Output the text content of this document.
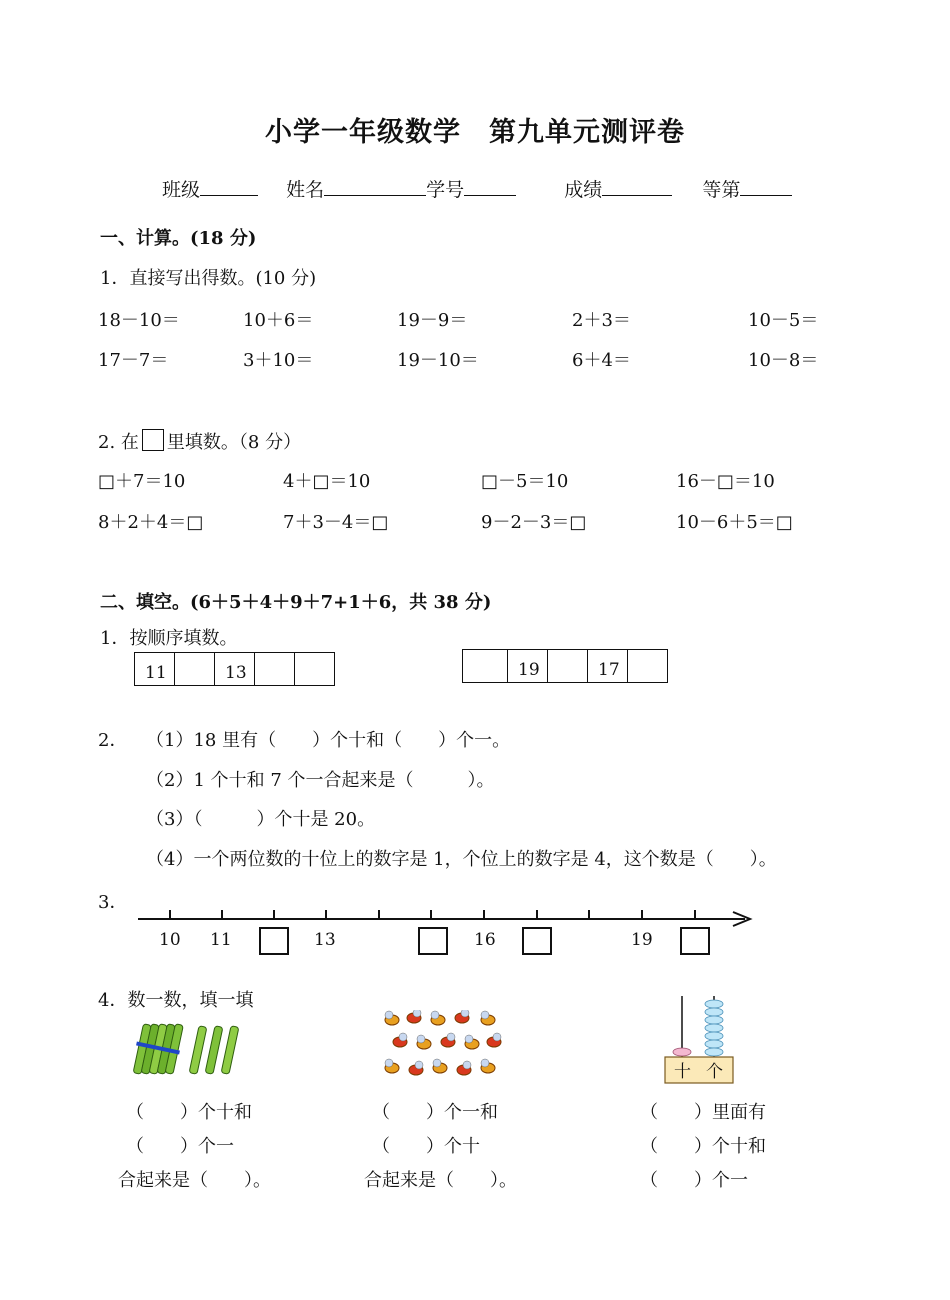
小学一年级数学　第九单元测评卷
班级	姓名	学号	成绩	等第
一、计算。(18 分)
1．直接写出得数。(10 分)
18－10＝	10＋6＝	19－9＝	2＋3＝	10－5＝
17－7＝	3＋10＝	19－10＝	6＋4＝	10－8＝
2. 在 里填数。（8 分）
□＋7＝10	4＋□＝10	□－5＝10	16－□＝10
8＋2＋4＝□	7＋3－4＝□	9－2－3＝□	10－6＋5＝□
二、填空。(6＋5＋4＋9＋7+1＋6，共 38 分)
1．按顺序填数。
11		13

		19		17

2． （1）18 里有（　　）个十和（　　）个一。
（2）1 个十和 7 个一合起来是（　　　）。
（3）（　　　）个十是 20。
（4）一个两位数的十位上的数字是 1，个位上的数字是 4，这个数是（　　）。
3．
10 11	13	16	19
4．数一数，填一填
十 个
（　　）个十和
（　　）个一
合起来是（　　）。
（　　）个一和
（　　）个十
合起来是（　　）。
（　　）里面有
（　　）个十和
（　　）个一
